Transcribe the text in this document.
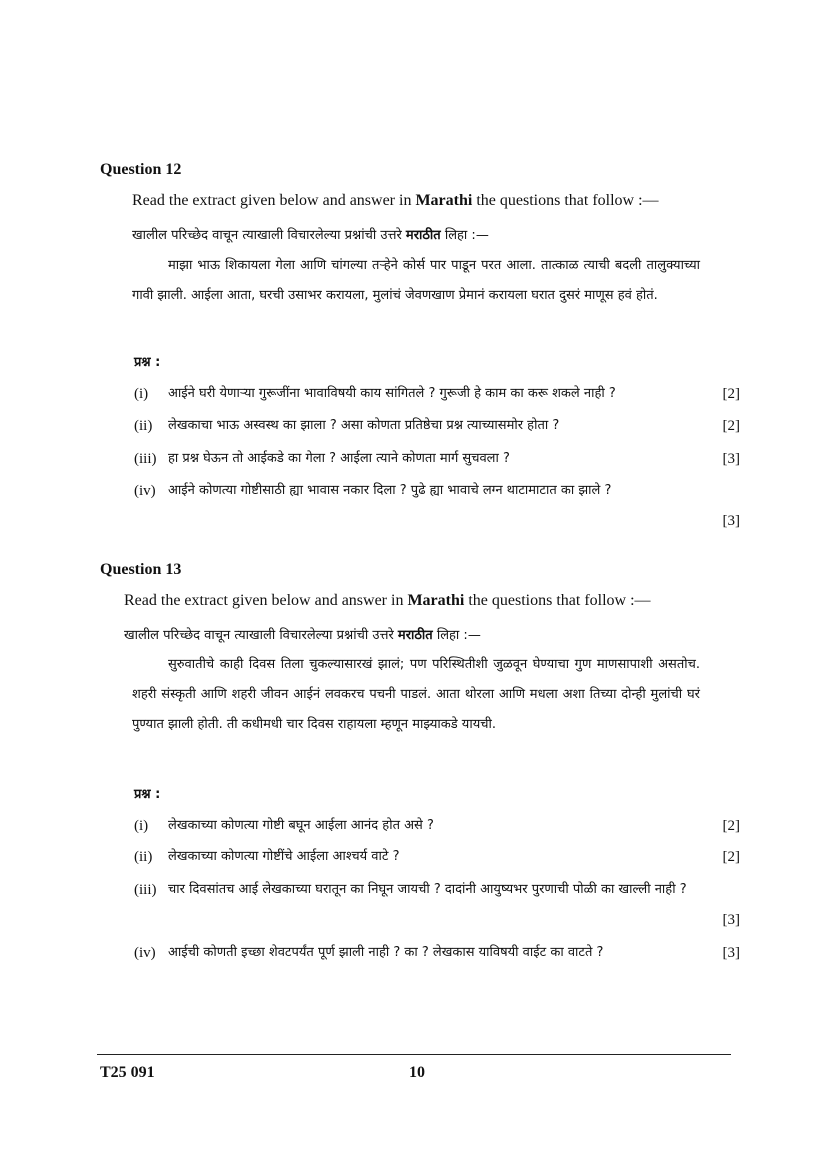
Question 12
Read the extract given below and answer in Marathi the questions that follow :—
खालील परिच्छेद वाचून त्याखाली विचारलेल्या प्रश्नांची उत्तरे मराठीत लिहा :—

माझा भाऊ शिकायला गेला आणि चांगल्या तऱ्हेने कोर्स पार पाडून परत आला. तात्काळ त्याची बदली तालुक्याच्या गावी झाली. आईला आता, घरची उसाभर करायला, मुलांचं जेवणखाण प्रेमानं करायला घरात दुसरं माणूस हवं होतं.

प्रश्न :
(i) आईने घरी येणाऱ्या गुरूजींना भावाविषयी काय सांगितले ? गुरूजी हे काम का करू शकले नाही ?	[2]
(ii) लेखकाचा भाऊ अस्वस्थ का झाला ? असा कोणता प्रतिष्ठेचा प्रश्न त्याच्यासमोर होता ?	[2]
(iii) हा प्रश्न घेऊन तो आईकडे का गेला ? आईला त्याने कोणता मार्ग सुचवला ?	[3]
(iv) आईने कोणत्या गोष्टीसाठी ह्या भावास नकार दिला ? पुढे ह्या भावाचे लग्न थाटामाटात का झाले ?
[3]
Question 13
Read the extract given below and answer in Marathi the questions that follow :—
खालील परिच्छेद वाचून त्याखाली विचारलेल्या प्रश्नांची उत्तरे मराठीत लिहा :—

सुरुवातीचे काही दिवस तिला चुकल्यासारखं झालं; पण परिस्थितीशी जुळवून घेण्याचा गुण माणसापाशी असतोच. शहरी संस्कृती आणि शहरी जीवन आईनं लवकरच पचनी पाडलं. आता थोरला आणि मधला अशा तिच्या दोन्ही मुलांची घरं पुण्यात झाली होती. ती कधीमधी चार दिवस राहायला म्हणून माझ्याकडे यायची.

प्रश्न :
(i) लेखकाच्या कोणत्या गोष्टी बघून आईला आनंद होत असे ?	[2]
(ii) लेखकाच्या कोणत्या गोष्टींचे आईला आश्चर्य वाटे ?	[2]
(iii) चार दिवसांतच आई लेखकाच्या घरातून का निघून जायची ? दादांनी आयुष्यभर पुरणाची पोळी का खाल्ली नाही ?
[3]
(iv) आईची कोणती इच्छा शेवटपर्यंत पूर्ण झाली नाही ? का ? लेखकास याविषयी वाईट का वाटते ?	[3]
T25 091	10
